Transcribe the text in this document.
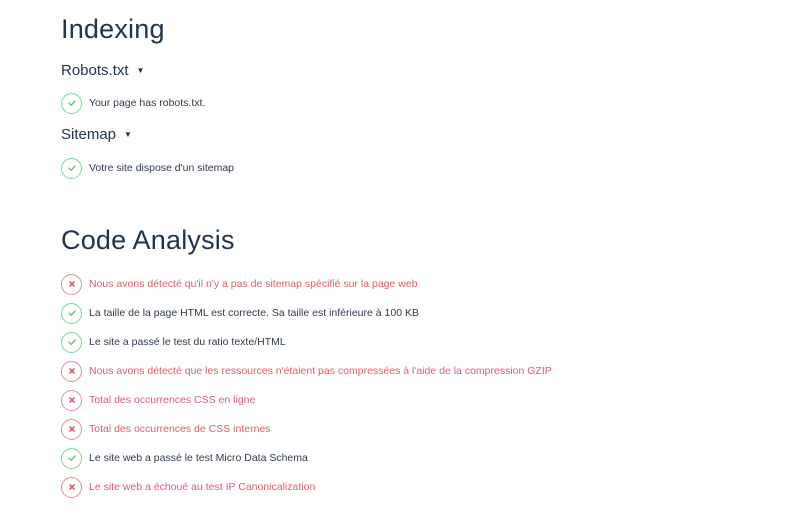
Indexing
Robots.txt ▼
Your page has robots.txt.
Sitemap ▼
Votre site dispose d'un sitemap
Code Analysis
Nous avons détecté qu'il n'y a pas de sitemap spécifié sur la page web
La taille de la page HTML est correcte. Sa taille est inférieure à 100 KB
Le site a passé le test du ratio texte/HTML
Nous avons détecté que les ressources n'étaient pas compressées à l'aide de la compression GZIP
Total des occurrences CSS en ligne
Total des occurrences de CSS internes
Le site web a passé le test Micro Data Schema
Le site web a échoué au test IP Canonicalization
